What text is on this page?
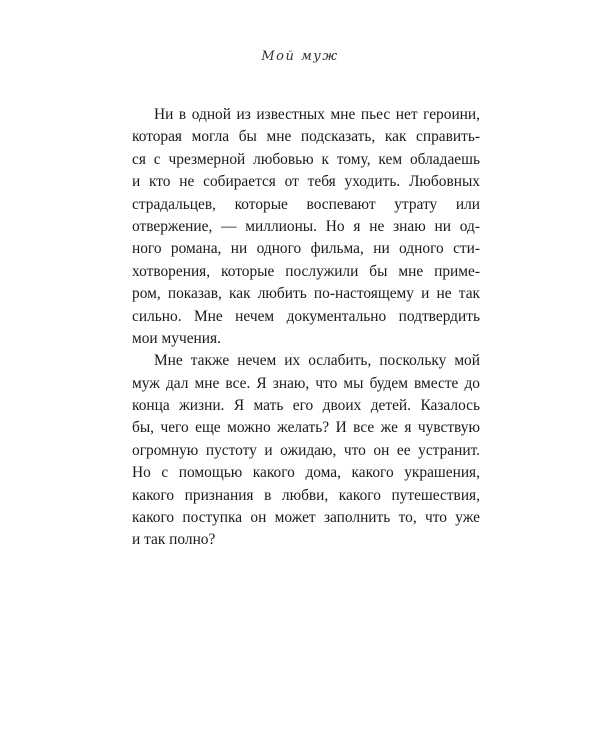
Мой муж
Ни в одной из известных мне пьес нет героини,
которая могла бы мне подсказать, как справить-
ся с чрезмерной любовью к тому, кем обладаешь
и кто не собирается от тебя уходить. Любовных
страдальцев, которые воспевают утрату или
отвержение, — миллионы. Но я не знаю ни од-
ного романа, ни одного фильма, ни одного сти-
хотворения, которые послужили бы мне приме-
ром, показав, как любить по-настоящему и не так
сильно. Мне нечем документально подтвердить
мои мучения.
Мне также нечем их ослабить, поскольку мой
муж дал мне все. Я знаю, что мы будем вместе до
конца жизни. Я мать его двоих детей. Казалось
бы, чего еще можно желать? И все же я чувствую
огромную пустоту и ожидаю, что он ее устранит.
Но с помощью какого дома, какого украшения,
какого признания в любви, какого путешествия,
какого поступка он может заполнить то, что уже
и так полно?
